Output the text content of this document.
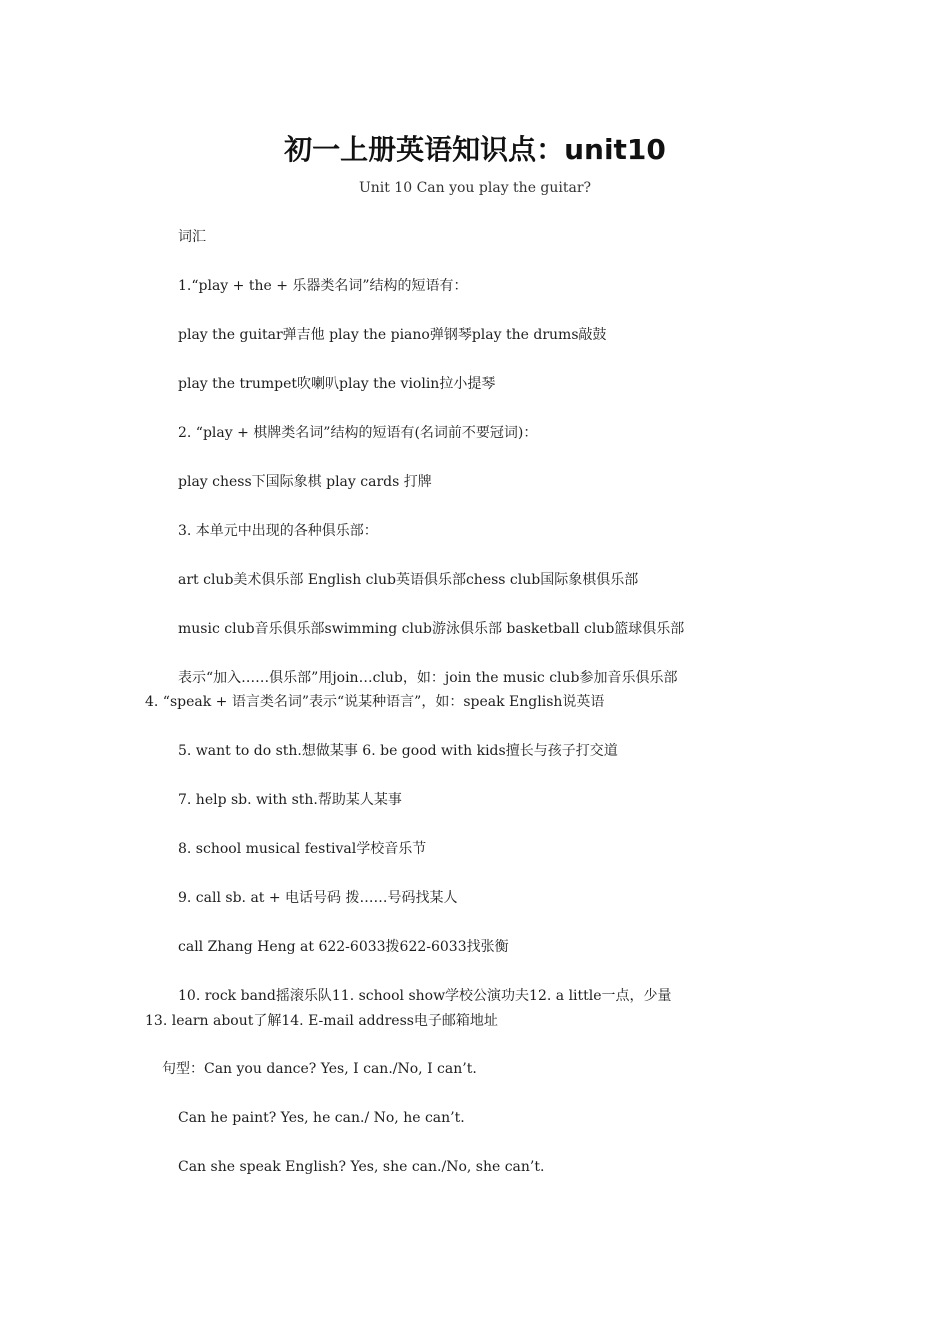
初一上册英语知识点：unit10
Unit 10 Can you play the guitar?
词汇
1.“play + the + 乐器类名词”结构的短语有：
play the guitar弹吉他 play the piano弹钢琴play the drums敲鼓
play the trumpet吹喇叭play the violin拉小提琴
2. “play + 棋牌类名词”结构的短语有(名词前不要冠词)：
play chess下国际象棋 play cards 打牌
3. 本单元中出现的各种俱乐部：
art club美术俱乐部 English club英语俱乐部chess club国际象棋俱乐部
music club音乐俱乐部swimming club游泳俱乐部 basketball club篮球俱乐部
表示“加入……俱乐部”用join…club，如：join the music club参加音乐俱乐部
4. “speak + 语言类名词”表示“说某种语言”，如：speak English说英语
5. want to do sth.想做某事 6. be good with kids擅长与孩子打交道
7. help sb. with sth.帮助某人某事
8. school musical festival学校音乐节
9. call sb. at + 电话号码 拨……号码找某人
call Zhang Heng at 622-6033拨622-6033找张衡
10. rock band摇滚乐队11. school show学校公演功夫12. a little一点，少量
13. learn about了解14. E-mail address电子邮箱地址
句型：Can you dance? Yes, I can./No, I can’t.
Can he paint? Yes, he can./ No, he can’t.
Can she speak English? Yes, she can./No, she can’t.
